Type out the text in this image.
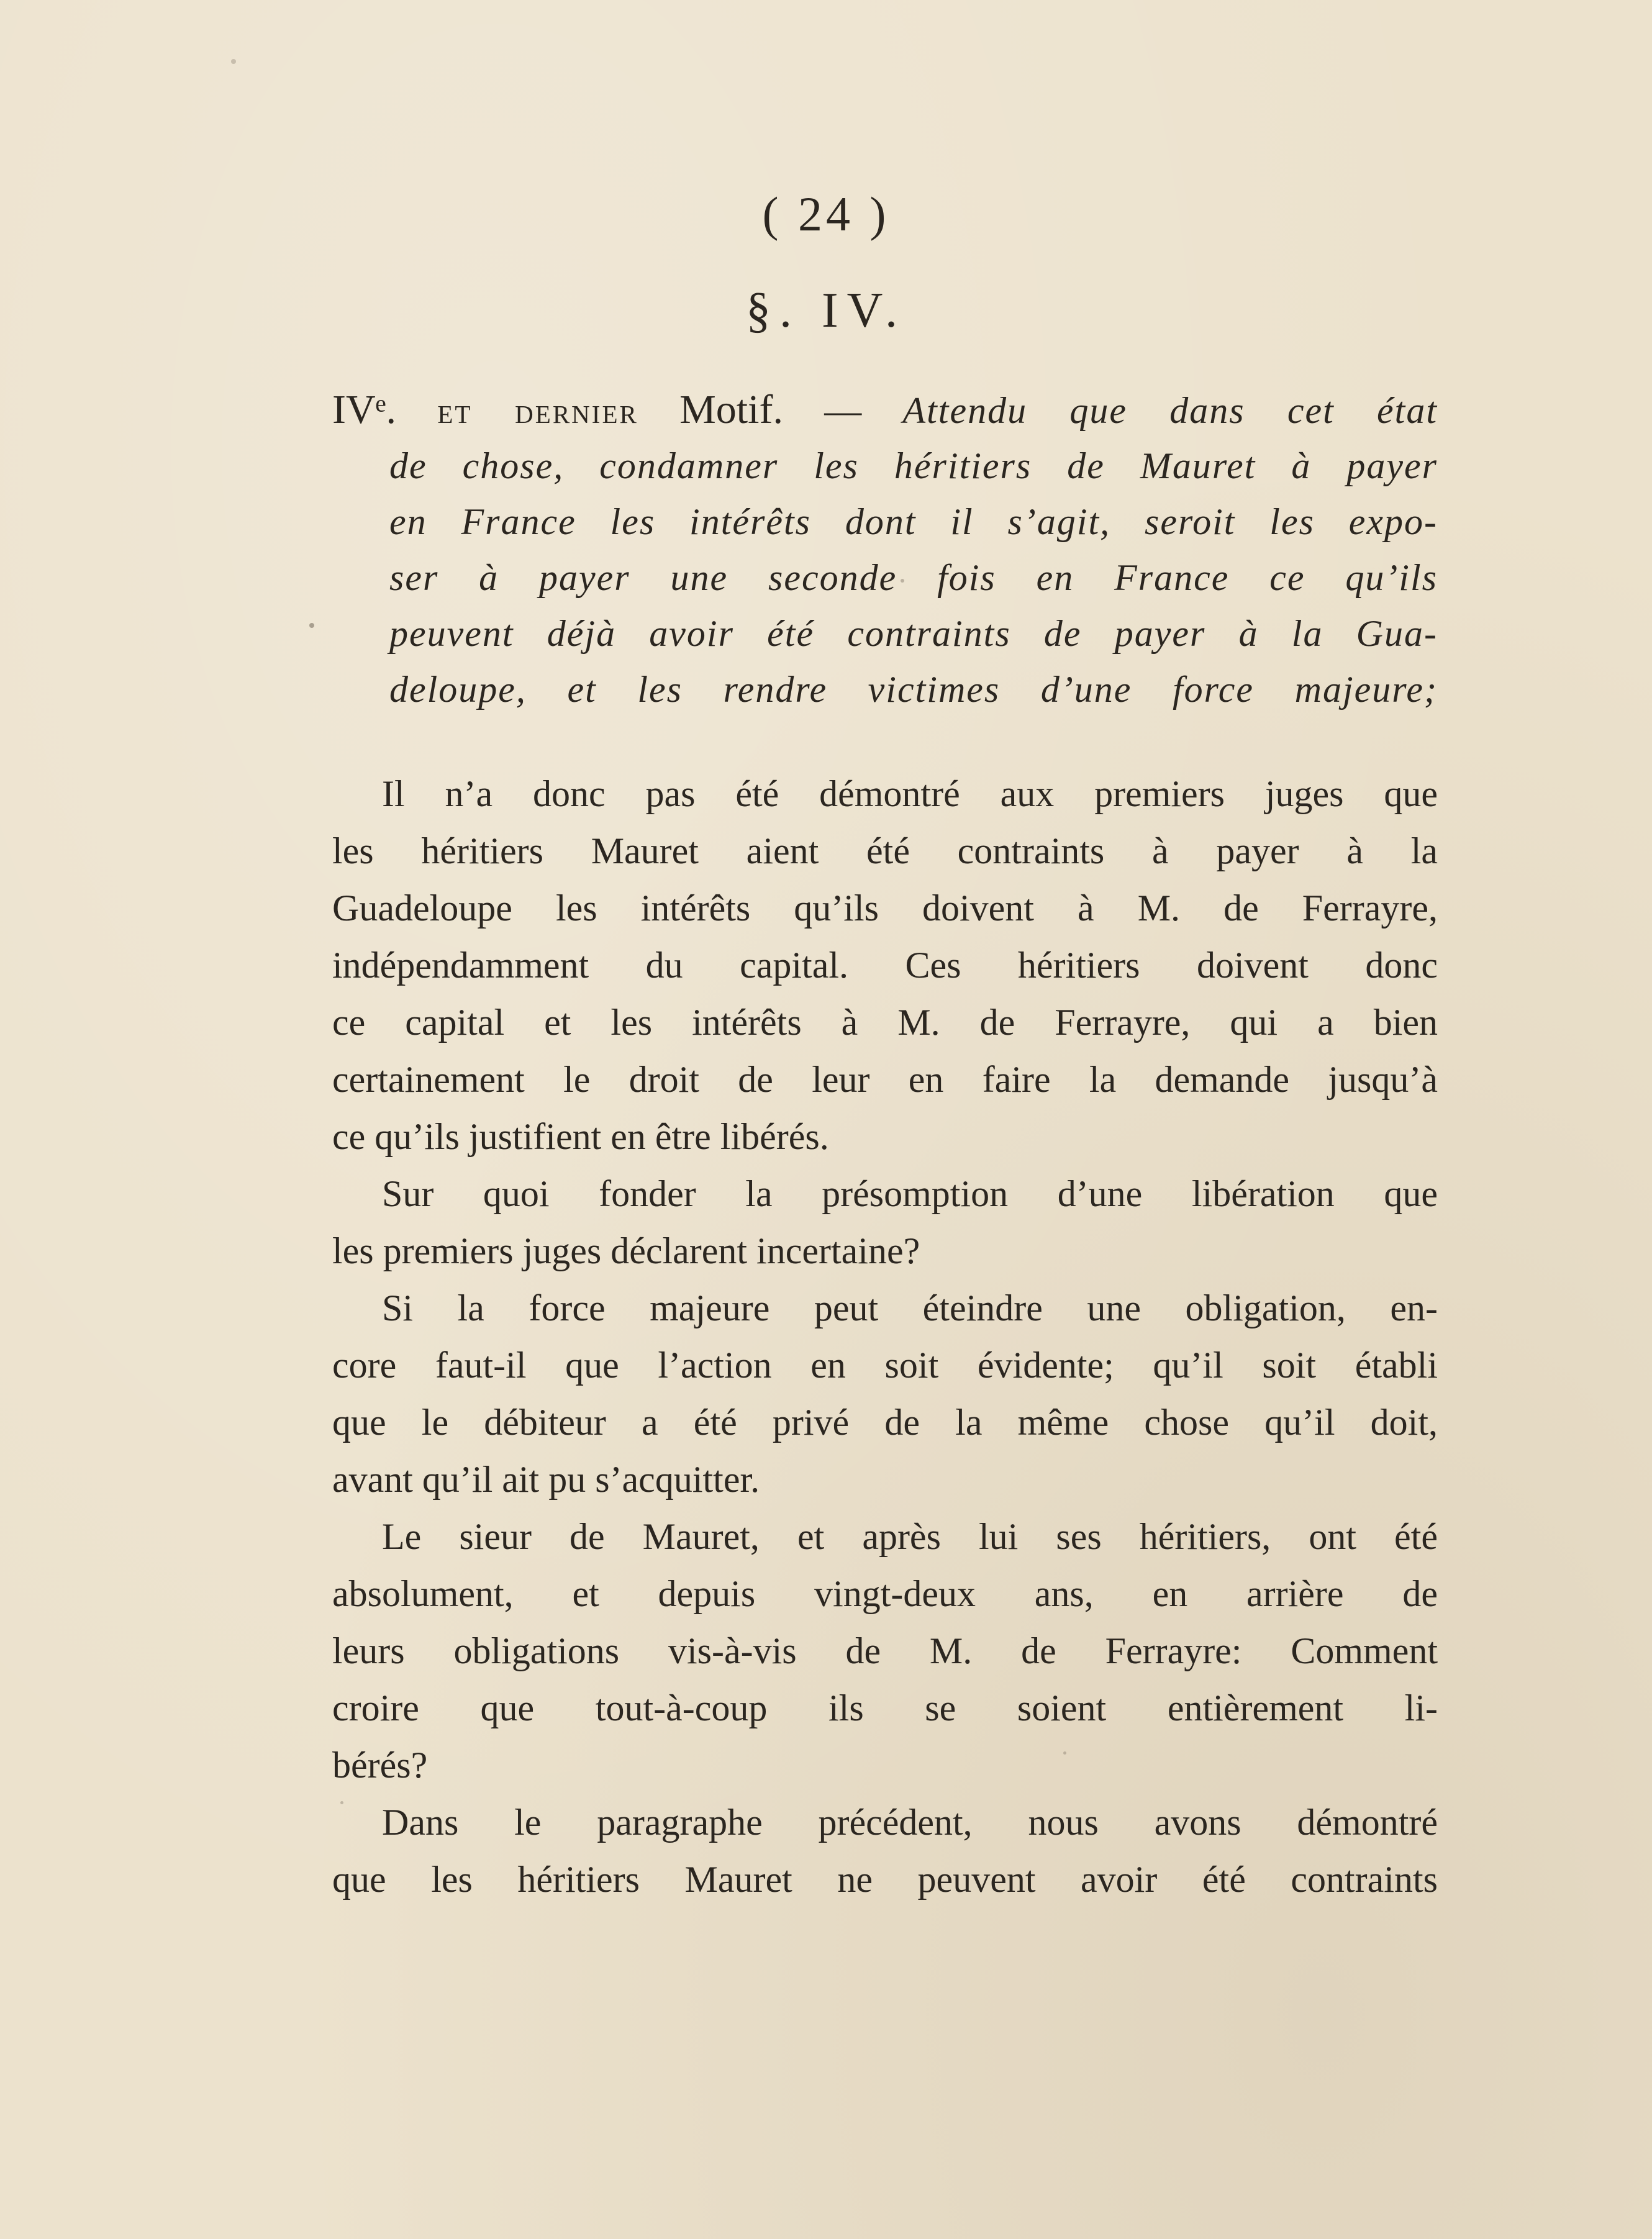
( 24 )
§. IV.
IVᵉ. et dernier Motif. — Attendu que dans cet état
de chose, condamner les héritiers de Mauret à payer
en France les intérêts dont il s’agit, seroit les expo-
ser à payer une seconde fois en France ce qu’ils
peuvent déjà avoir été contraints de payer à la Gua-
deloupe, et les rendre victimes d’une force majeure;
Il n’a donc pas été démontré aux premiers juges que
les héritiers Mauret aient été contraints à payer à la
Guadeloupe les intérêts qu’ils doivent à M. de Ferrayre,
indépendamment du capital. Ces héritiers doivent donc
ce capital et les intérêts à M. de Ferrayre, qui a bien
certainement le droit de leur en faire la demande jusqu’à
ce qu’ils justifient en être libérés.
Sur quoi fonder la présomption d’une libération que
les premiers juges déclarent incertaine?
Si la force majeure peut éteindre une obligation, en-
core faut-il que l’action en soit évidente; qu’il soit établi
que le débiteur a été privé de la même chose qu’il doit,
avant qu’il ait pu s’acquitter.
Le sieur de Mauret, et après lui ses héritiers, ont été
absolument, et depuis vingt-deux ans, en arrière de
leurs obligations vis-à-vis de M. de Ferrayre: Comment
croire que tout-à-coup ils se soient entièrement li-
bérés?
Dans le paragraphe précédent, nous avons démontré
que les héritiers Mauret ne peuvent avoir été contraints
